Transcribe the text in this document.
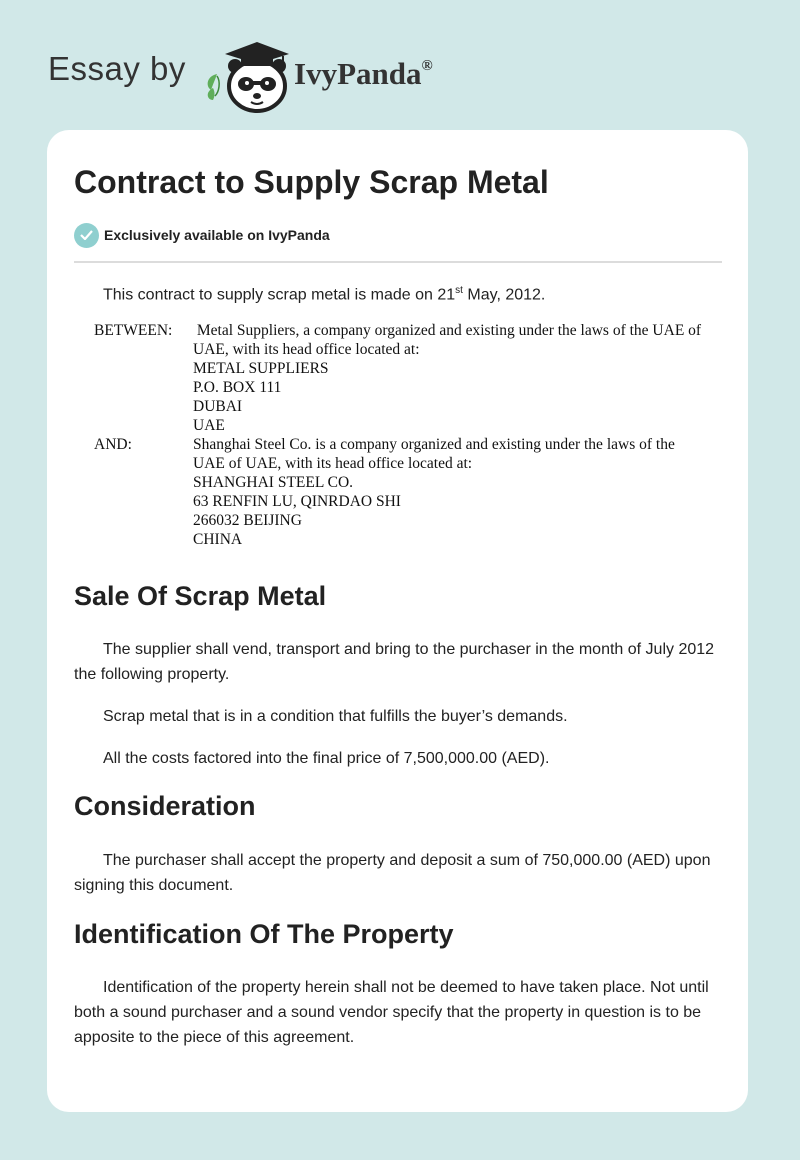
Essay by	IvyPanda®
Contract to Supply Scrap Metal
Exclusively available on IvyPanda

This contract to supply scrap metal is made on 21st May, 2012.

BETWEEN: Metal Suppliers, a company organized and existing under the laws of the UAE of
UAE, with its head office located at:
METAL SUPPLIERS
P.O. BOX 111
DUBAI
UAE
AND:	Shanghai Steel Co. is a company organized and existing under the laws of the
UAE of UAE, with its head office located at:
SHANGHAI STEEL CO.
63 RENFIN LU, QINRDAO SHI
266032 BEIJING
CHINA
Sale Of Scrap Metal

The supplier shall vend, transport and bring to the purchaser in the month of July 2012 the following property.

Scrap metal that is in a condition that fulfills the buyer’s demands.

All the costs factored into the final price of 7,500,000.00 (AED).

Consideration

The purchaser shall accept the property and deposit a sum of 750,000.00 (AED) upon signing this document.

Identification Of The Property

Identification of the property herein shall not be deemed to have taken place. Not until both a sound purchaser and a sound vendor specify that the property in question is to be apposite to the piece of this agreement.
